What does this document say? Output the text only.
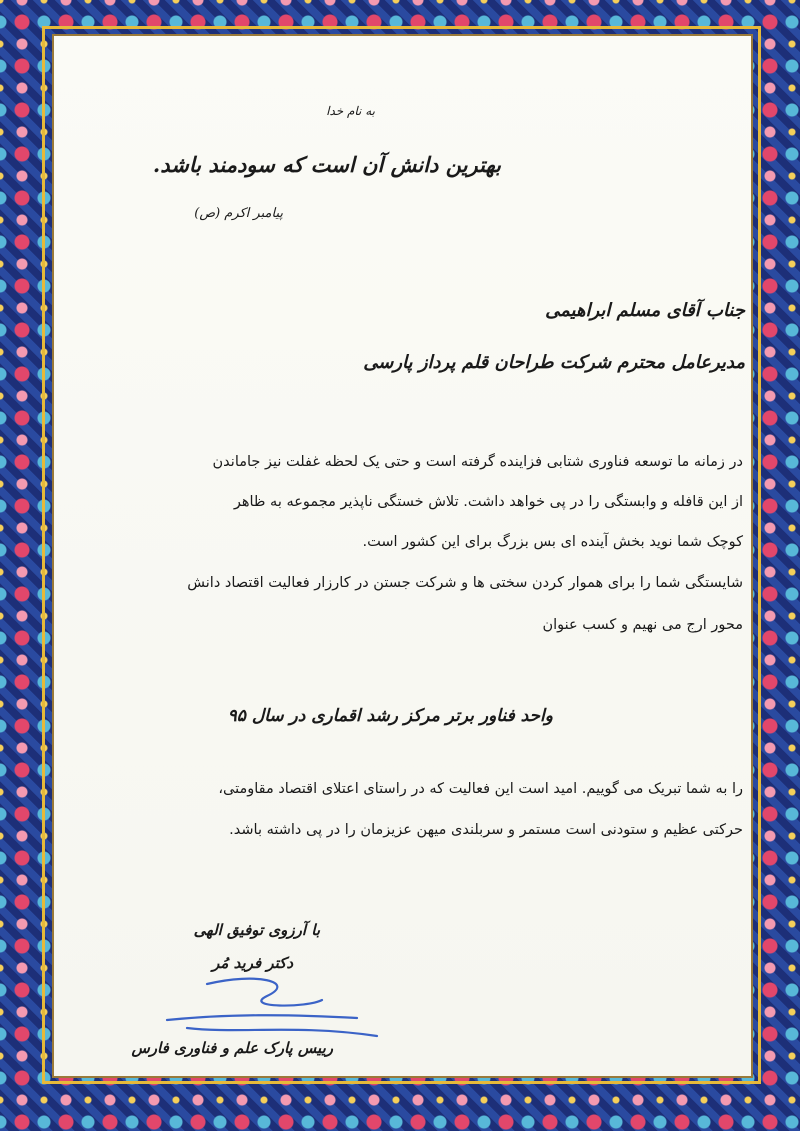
به نام خدا
بهترین دانش آن است که سودمند باشد.
پیامبر اکرم (ص)
جناب آقای مسلم ابراهیمی
مدیرعامل محترم شرکت طراحان قلم پرداز پارسی
در زمانه ما توسعه فناوری شتابی فزاینده گرفته است و حتی یک لحظه غفلت نیز جاماندن
از این قافله و وابستگی را در پی خواهد داشت. تلاش خستگی ناپذیر مجموعه به ظاهر
کوچک شما نوید بخش آینده ای بس بزرگ برای این کشور است.
شایستگی شما را برای هموار کردن سختی ها و شرکت جستن در کارزار فعالیت اقتصاد دانش
محور ارج می نهیم و کسب عنوان
واحد فناور برتر مرکز رشد اقماری در سال ۹۵
را به شما تبریک می گوییم. امید است این فعالیت که در راستای اعتلای اقتصاد مقاومتی،
حرکتی عظیم و ستودنی است مستمر و سربلندی میهن عزیزمان را در پی داشته باشد.
با آرزوی توفیق الهی
دکتر فرید مُر
رییس پارک علم و فناوری فارس
